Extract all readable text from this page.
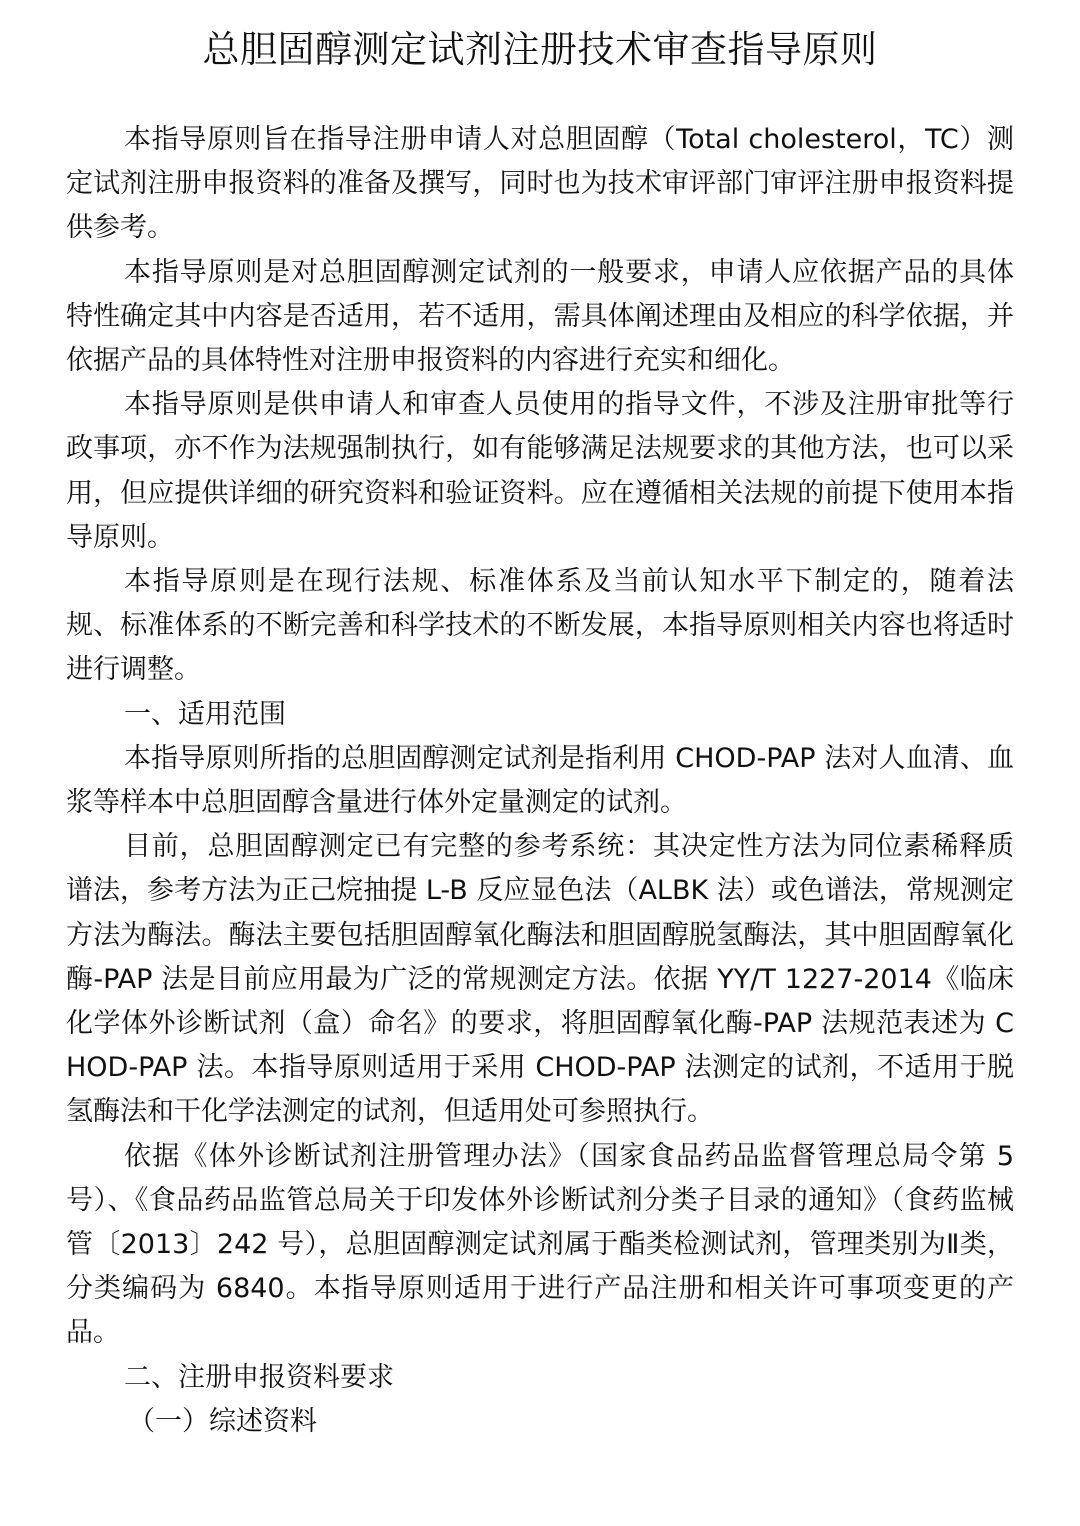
总胆固醇测定试剂注册技术审查指导原则

本指导原则旨在指导注册申请人对总胆固醇（Total cholesterol，TC）测定试剂注册申报资料的准备及撰写，同时也为技术审评部门审评注册申报资料提供参考。

本指导原则是对总胆固醇测定试剂的一般要求，申请人应依据产品的具体特性确定其中内容是否适用，若不适用，需具体阐述理由及相应的科学依据，并依据产品的具体特性对注册申报资料的内容进行充实和细化。

本指导原则是供申请人和审查人员使用的指导文件，不涉及注册审批等行政事项，亦不作为法规强制执行，如有能够满足法规要求的其他方法，也可以采用，但应提供详细的研究资料和验证资料。应在遵循相关法规的前提下使用本指导原则。

本指导原则是在现行法规、标准体系及当前认知水平下制定的，随着法规、标准体系的不断完善和科学技术的不断发展，本指导原则相关内容也将适时进行调整。

一、适用范围

本指导原则所指的总胆固醇测定试剂是指利用 CHOD-PAP 法对人血清、血浆等样本中总胆固醇含量进行体外定量测定的试剂。

目前，总胆固醇测定已有完整的参考系统：其决定性方法为同位素稀释质谱法，参考方法为正己烷抽提 L-B 反应显色法（ALBK 法）或色谱法，常规测定方法为酶法。酶法主要包括胆固醇氧化酶法和胆固醇脱氢酶法，其中胆固醇氧化酶-PAP 法是目前应用最为广泛的常规测定方法。依据 YY/T 1227-2014《临床化学体外诊断试剂（盒）命名》的要求，将胆固醇氧化酶-PAP 法规范表述为 CHOD-PAP 法。本指导原则适用于采用 CHOD-PAP 法测定的试剂，不适用于脱氢酶法和干化学法测定的试剂，但适用处可参照执行。

依据《体外诊断试剂注册管理办法》（国家食品药品监督管理总局令第 5 号）、《食品药品监管总局关于印发体外诊断试剂分类子目录的通知》（食药监械管〔2013〕242 号），总胆固醇测定试剂属于酯类检测试剂，管理类别为Ⅱ类，分类编码为 6840。本指导原则适用于进行产品注册和相关许可事项变更的产品。

二、注册申报资料要求
（一）综述资料
